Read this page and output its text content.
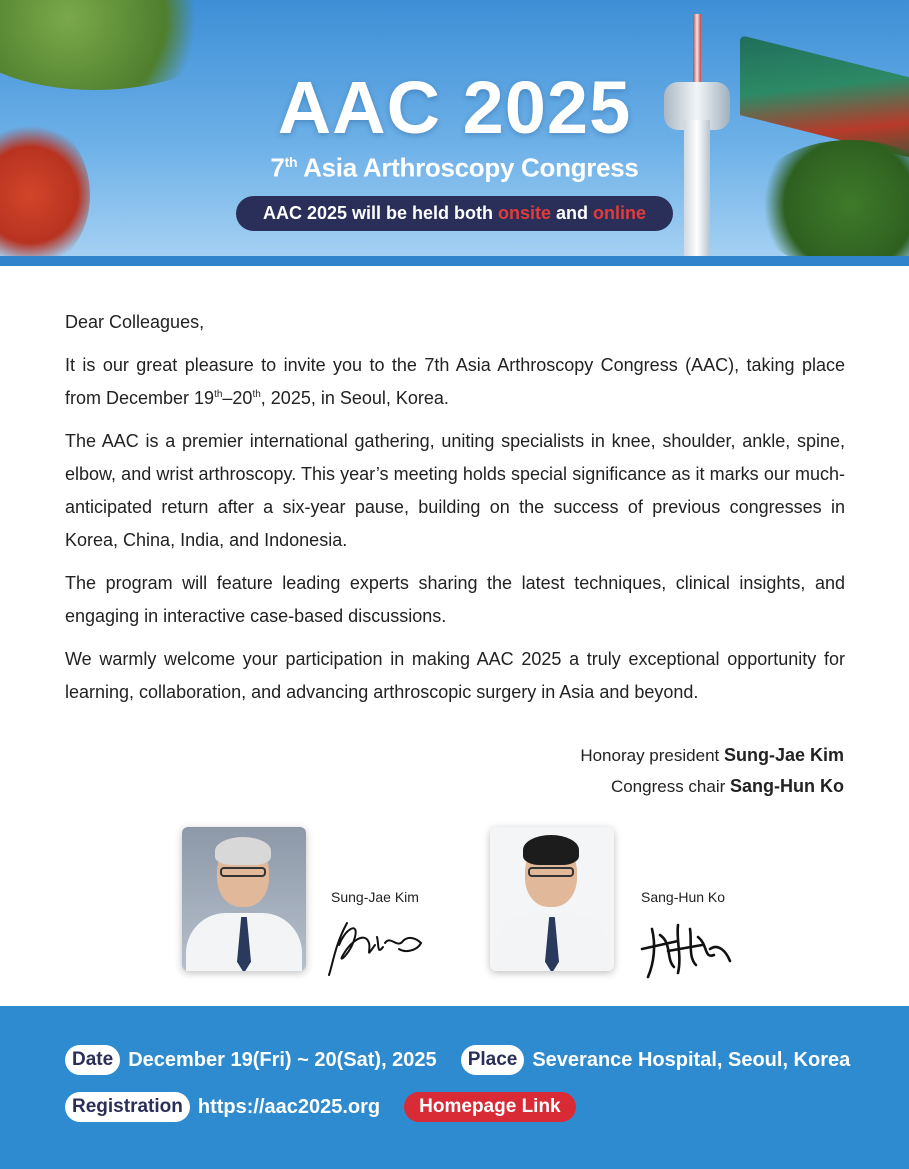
AAC 2025
7th Asia Arthroscopy Congress
AAC 2025 will be held both onsite and online

Dear Colleagues,

It is our great pleasure to invite you to the 7th Asia Arthroscopy Congress (AAC), taking place from December 19th–20th, 2025, in Seoul, Korea.

The AAC is a premier international gathering, uniting specialists in knee, shoulder, ankle, spine, elbow, and wrist arthroscopy. This year’s meeting holds special significance as it marks our much-anticipated return after a six-year pause, building on the success of previous congresses in Korea, China, India, and Indonesia.

The program will feature leading experts sharing the latest techniques, clinical insights, and engaging in interactive case-based discussions.

We warmly welcome your participation in making AAC 2025 a truly exceptional opportunity for learning, collaboration, and advancing arthroscopic surgery in Asia and beyond.

Honoray president Sung-Jae Kim
Congress chair Sang-Hun Ko
Sung-Jae Kim	Sang-Hun Ko
Date December 19(Fri) ~ 20(Sat), 2025	Place Severance Hospital, Seoul, Korea
Registration https://aac2025.org	Homepage Link
